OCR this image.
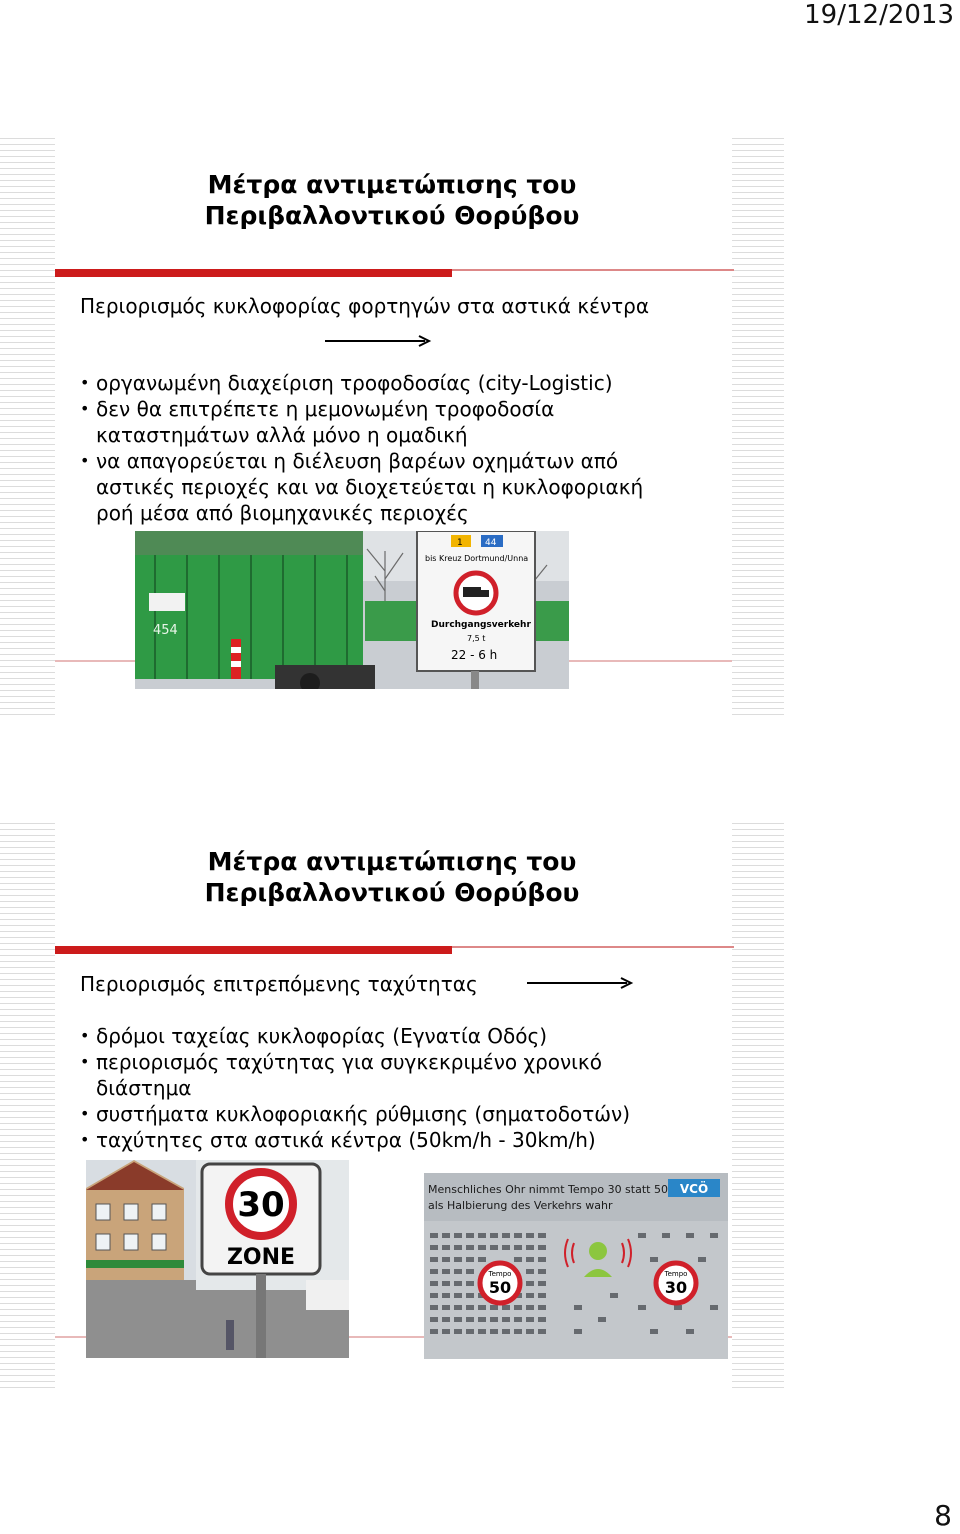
19/12/2013
Μέτρα αντιμετώπισης του
Περιβαλλοντικού Θορύβου
Περιορισμός κυκλοφορίας φορτηγών στα αστικά κέντρα
• οργανωμένη διαχείριση τροφοδοσίας (city-Logistic)
• δεν θα επιτρέπετε η μεμονωμένη τροφοδοσία καταστημάτων αλλά μόνο η ομαδική
• να απαγορεύεται η διέλευση βαρέων οχημάτων από αστικές περιοχές και να διοχετεύεται η κυκλοφοριακή ροή μέσα από βιομηχανικές περιοχές
454
1 44
bis Kreuz Dortmund/Unna
Durchgangsverkehr
7,5 t
22 - 6 h
Μέτρα αντιμετώπισης του
Περιβαλλοντικού Θορύβου
Περιορισμός επιτρεπόμενης ταχύτητας
• δρόμοι ταχείας κυκλοφορίας (Εγνατία Οδός)
• περιορισμός ταχύτητας για συγκεκριμένο χρονικό διάστημα
• συστήματα κυκλοφοριακής ρύθμισης (σηματοδοτών)
• ταχύτητες στα αστικά κέντρα (50km/h - 30km/h)
30
ZONE
Menschliches Ohr nimmt Tempo 30 statt 50
als Halbierung des Verkehrs wahr
VCÖ
Tempo
50
Tempo
30
8
